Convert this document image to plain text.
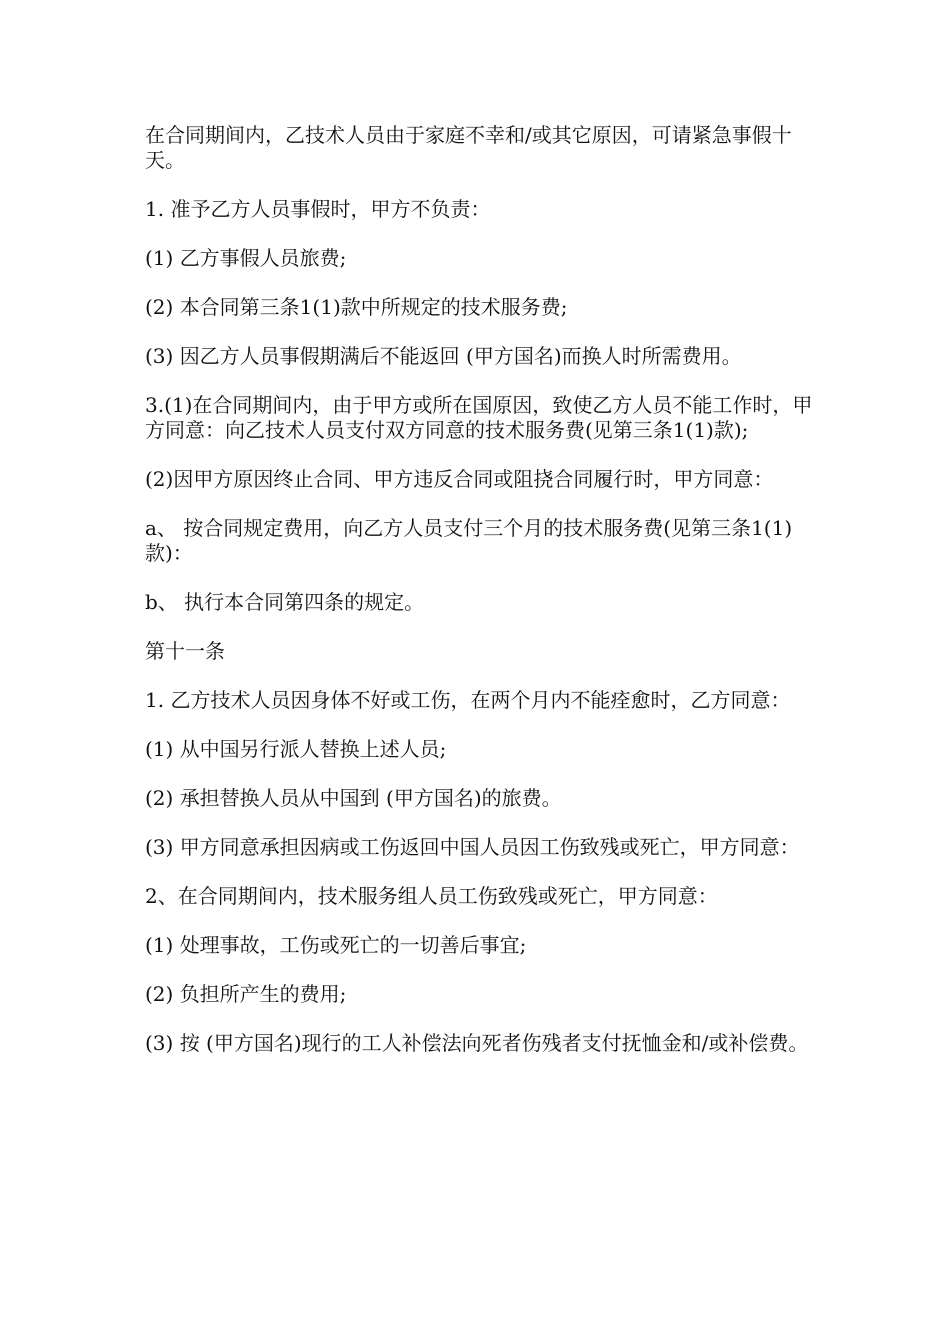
在合同期间内，乙技术人员由于家庭不幸和/或其它原因，可请紧急事假十天。

1. 准予乙方人员事假时，甲方不负责：

(1) 乙方事假人员旅费;

(2) 本合同第三条1(1)款中所规定的技术服务费;

(3) 因乙方人员事假期满后不能返回 (甲方国名)而换人时所需费用。

3.(1)在合同期间内，由于甲方或所在国原因，致使乙方人员不能工作时，甲方同意：向乙技术人员支付双方同意的技术服务费(见第三条1(1)款);

(2)因甲方原因终止合同、甲方违反合同或阻挠合同履行时，甲方同意：

a、 按合同规定费用，向乙方人员支付三个月的技术服务费(见第三条1(1)款)：

b、 执行本合同第四条的规定。

第十一条

1. 乙方技术人员因身体不好或工伤，在两个月内不能痊愈时，乙方同意：

(1) 从中国另行派人替换上述人员;

(2) 承担替换人员从中国到 (甲方国名)的旅费。

(3) 甲方同意承担因病或工伤返回中国人员因工伤致残或死亡，甲方同意：

2、在合同期间内，技术服务组人员工伤致残或死亡，甲方同意：

(1) 处理事故，工伤或死亡的一切善后事宜;

(2) 负担所产生的费用;

(3) 按 (甲方国名)现行的工人补偿法向死者伤残者支付抚恤金和/或补偿费。
